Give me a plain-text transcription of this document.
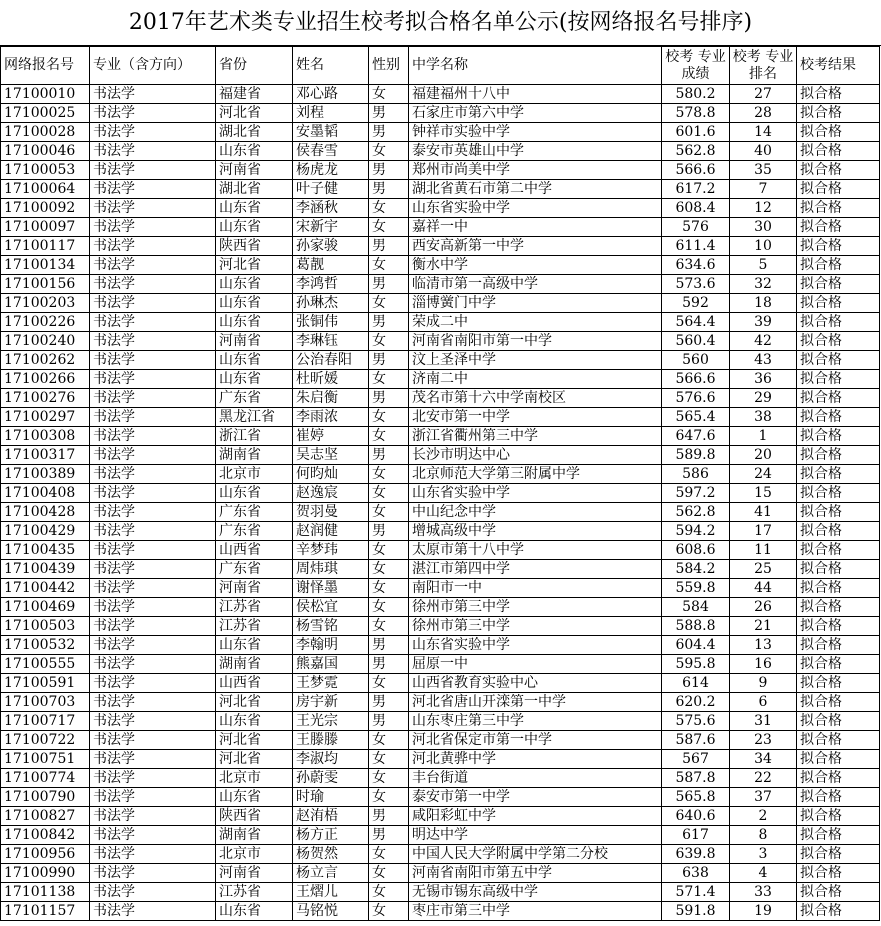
2017年艺术类专业招生校考拟合格名单公示(按网络报名号排序)
网络报名号	专业（含方向）	省份	姓名	性别	中学名称	校考 专业成绩	校考 专业排名	校考结果
17100010	书法学	福建省	邓心路	女	福建福州十八中	580.2	27	拟合格
17100025	书法学	河北省	刘程	男	石家庄市第六中学	578.8	28	拟合格
17100028	书法学	湖北省	安墨韬	男	钟祥市实验中学	601.6	14	拟合格
17100046	书法学	山东省	侯春雪	女	泰安市英雄山中学	562.8	40	拟合格
17100053	书法学	河南省	杨虎龙	男	郑州市尚美中学	566.6	35	拟合格
17100064	书法学	湖北省	叶子健	男	湖北省黄石市第二中学	617.2	7	拟合格
17100092	书法学	山东省	李涵秋	女	山东省实验中学	608.4	12	拟合格
17100097	书法学	山东省	宋新宇	女	嘉祥一中	576	30	拟合格
17100117	书法学	陕西省	孙家骏	男	西安高新第一中学	611.4	10	拟合格
17100134	书法学	河北省	葛靓	女	衡水中学	634.6	5	拟合格
17100156	书法学	山东省	李鸿哲	男	临清市第一高级中学	573.6	32	拟合格
17100203	书法学	山东省	孙琳杰	女	淄博黉门中学	592	18	拟合格
17100226	书法学	山东省	张铜伟	男	荣成二中	564.4	39	拟合格
17100240	书法学	河南省	李琳钰	女	河南省南阳市第一中学	560.4	42	拟合格
17100262	书法学	山东省	公治春阳	男	汶上圣泽中学	560	43	拟合格
17100266	书法学	山东省	杜昕媛	女	济南二中	566.6	36	拟合格
17100276	书法学	广东省	朱启衡	男	茂名市第十六中学南校区	576.6	29	拟合格
17100297	书法学	黑龙江省	李雨浓	女	北安市第一中学	565.4	38	拟合格
17100308	书法学	浙江省	崔婷	女	浙江省衢州第三中学	647.6	1	拟合格
17100317	书法学	湖南省	吴志坚	男	长沙市明达中心	589.8	20	拟合格
17100389	书法学	北京市	何昀灿	女	北京师范大学第三附属中学	586	24	拟合格
17100408	书法学	山东省	赵逸宸	女	山东省实验中学	597.2	15	拟合格
17100428	书法学	广东省	贺羽曼	女	中山纪念中学	562.8	41	拟合格
17100429	书法学	广东省	赵润健	男	增城高级中学	594.2	17	拟合格
17100435	书法学	山西省	辛梦玮	女	太原市第十八中学	608.6	11	拟合格
17100439	书法学	广东省	周炜琪	女	湛江市第四中学	584.2	25	拟合格
17100442	书法学	河南省	谢怿墨	女	南阳市一中	559.8	44	拟合格
17100469	书法学	江苏省	侯松宜	女	徐州市第三中学	584	26	拟合格
17100503	书法学	江苏省	杨雪铭	女	徐州市第三中学	588.8	21	拟合格
17100532	书法学	山东省	李翰明	男	山东省实验中学	604.4	13	拟合格
17100555	书法学	湖南省	熊嘉国	男	屈原一中	595.8	16	拟合格
17100591	书法学	山西省	王梦霓	女	山西省教育实验中心	614	9	拟合格
17100703	书法学	河北省	房宇新	男	河北省唐山开滦第一中学	620.2	6	拟合格
17100717	书法学	山东省	王光宗	男	山东枣庄第三中学	575.6	31	拟合格
17100722	书法学	河北省	王滕滕	女	河北省保定市第一中学	587.6	23	拟合格
17100751	书法学	河北省	李淑均	女	河北黄骅中学	567	34	拟合格
17100774	书法学	北京市	孙蔚雯	女	丰台街道	587.8	22	拟合格
17100790	书法学	山东省	时瑜	女	泰安市第一中学	565.8	37	拟合格
17100827	书法学	陕西省	赵洧梧	男	咸阳彩虹中学	640.6	2	拟合格
17100842	书法学	湖南省	杨方正	男	明达中学	617	8	拟合格
17100956	书法学	北京市	杨贺然	女	中国人民大学附属中学第二分校	639.8	3	拟合格
17100990	书法学	河南省	杨立言	女	河南省南阳市第五中学	638	4	拟合格
17101138	书法学	江苏省	王熠儿	女	无锡市锡东高级中学	571.4	33	拟合格
17101157	书法学	山东省	马铭悦	女	枣庄市第三中学	591.8	19	拟合格
